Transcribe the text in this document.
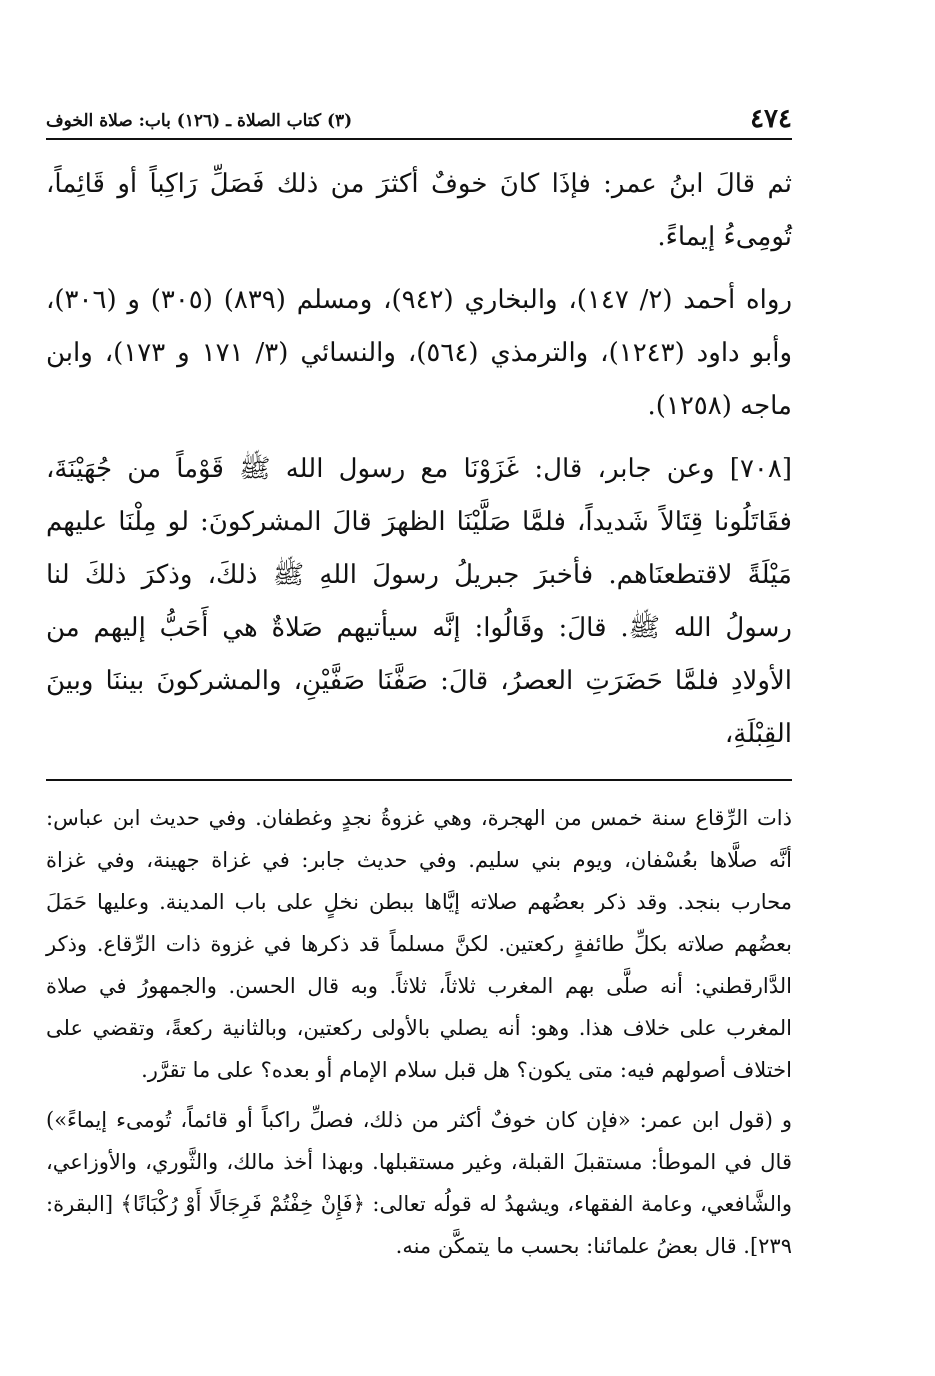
٤٧٤
(٣) كتاب الصلاة ـ (١٢٦) باب: صلاة الخوف

ثم قالَ ابنُ عمر: فإذَا كانَ خوفٌ أكثرَ من ذلك فَصَلِّ رَاكِباً أو قَائِماً، تُومِىءُ إيماءً.

رواه أحمد (٢/ ١٤٧)، والبخاري (٩٤٢)، ومسلم (٨٣٩) (٣٠٥) و (٣٠٦)، وأبو داود (١٢٤٣)، والترمذي (٥٦٤)، والنسائي (٣/ ١٧١ و ١٧٣)، وابن ماجه (١٢٥٨).

[٧٠٨] وعن جابر، قال: غَزَوْنَا مع رسول الله ﷺ قَوْماً من جُهَيْنَةَ، فقَاتَلُونا قِتَالاً شَديداً، فلمَّا صَلَّيْنَا الظهرَ قالَ المشركونَ: لو مِلْنَا عليهم مَيْلَةً لاقتطعنَاهم. فأخبرَ جبريلُ رسولَ اللهِ ﷺ ذلكَ، وذكرَ ذلكَ لنا رسولُ الله ﷺ. قالَ: وقَالُوا: إنَّه سيأتيهم صَلاةٌ هي أَحَبُّ إليهم من الأولادِ فلمَّا حَضَرَتِ العصرُ، قالَ: صَفَّنَا صَفَّيْنِ، والمشركونَ بيننَا وبينَ القِبْلَةِ،

ذات الرِّقاع سنة خمس من الهجرة، وهي غزوةُ نجدٍ وغطفان. وفي حديث ابن عباس: أنَّه صلَّاها بعُسْفان، ويوم بني سليم. وفي حديث جابر: في غزاة جهينة، وفي غزاة محارب بنجد. وقد ذكر بعضُهم صلاته إيَّاها ببطن نخلٍ على باب المدينة. وعليها حَمَلَ بعضُهم صلاته بكلِّ طائفةٍ ركعتين. لكنَّ مسلماً قد ذكرها في غزوة ذات الرِّقاع. وذكر الدَّارقطني: أنه صلَّى بهم المغرب ثلاثاً، ثلاثاً. وبه قال الحسن. والجمهورُ في صلاة المغرب على خلاف هذا. وهو: أنه يصلي بالأولى ركعتين، وبالثانية ركعةً، وتقضي على اختلاف أصولهم فيه: متى يكون؟ هل قبل سلام الإمام أو بعده؟ على ما تقرَّر.

و (قول ابن عمر: «فإن كان خوفٌ أكثر من ذلك، فصلِّ راكباً أو قائماً، تُومىء إيماءً») قال في الموطأ: مستقبلَ القبلة، وغير مستقبلها. وبهذا أخذ مالك، والثَّوري، والأوزاعي، والشَّافعي، وعامة الفقهاء، ويشهدُ له قولُه تعالى: ﴿فَإِنْ خِفْتُمْ فَرِجَالًا أَوْ رُكْبَانًا﴾ [البقرة: ٢٣٩]. قال بعضُ علمائنا: بحسب ما يتمكَّن منه.
